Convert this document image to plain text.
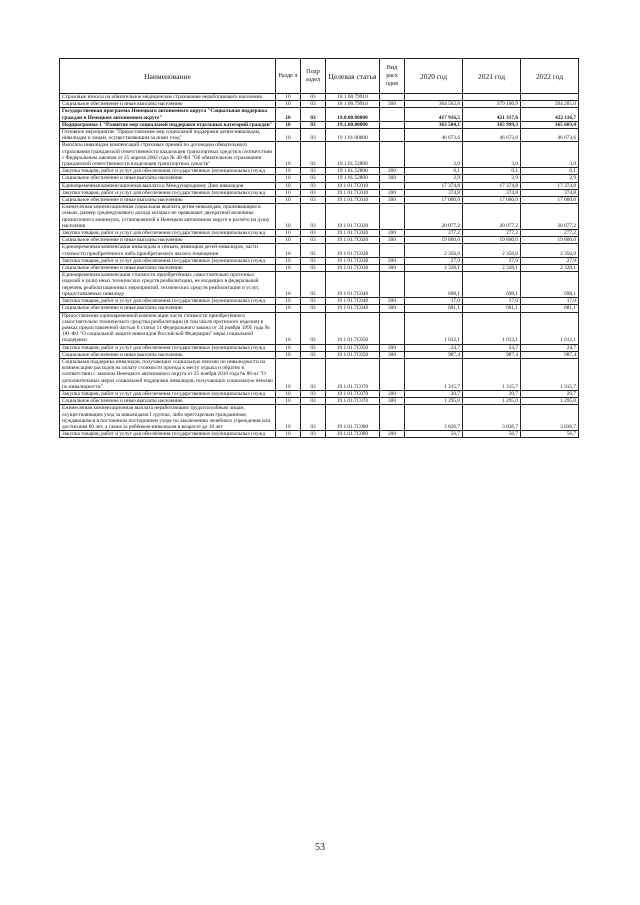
Наименование	Разде л	Подр аздел	Целевая статья	Вид расх одов	2020 год	2021 год	2022 год
Страховые взносы на обязательное медицинское страхование неработающего населения	10	03	18 1 00.79910				
Социальное обеспечение и иные выплаты населению	10	03	18 1 00.79910	300	364 562,8	379 106,9	394 285,0
Государственная программа Ненецкого автономного округа "Социальная поддержка граждан в Ненецком автономном округе"	10	03	19.0.00.00000		417 916,5	421 317,6	422 116,7
Подпрограмма 1 "Развитие мер социальной поддержки отдельных категорий граждан"	10	03	19.1.00.00000		363 504,1	365 999,3	365 603,4
Основное мероприятие "Предоставление мер социальной поддержки детям-инвалидам, инвалидам и лицам, осуществляющим за ними уход"	10	03	19 1 01.00000		46 673,6	46 673,6	46 673,6
Выплаты инвалидам компенсаций страховых премий по договорам обязательного страхования гражданской ответственности владельцев транспортных средств в соответствии с Федеральным законом от 25 апреля 2002 года № 40-ФЗ "Об обязательном страховании гражданской ответственности владельцев транспортных средств"	10	03	19.1.01.52800		3,0	3,0	3,0
Закупка товаров, работ и услуг для обеспечения государственных (муниципальных) нужд	10	03	19 1 01.52800	200	0,1	0,1	0,1
Социальное обеспечение и иные выплаты населению	10	03	19 1 01.52800	300	2,9	2,9	2,9
Единовременная компенсационная выплата к Международному Дню инвалидов	10	03	19 1 01.7С010		17 374,8	17 374,8	17 374,8
Закупка товаров, работ и услуг для обеспечения государственных (муниципальных) нужд	10	03	19 1 01.7С010	200	374,8	374,8	374,8
Социальное обеспечение и иные выплаты населению	10	03	19 1 01.7С010	300	17 000,0	17 000,0	17 000,0
Ежемесячная компенсационная социальная выплата детям-инвалидам, проживающим в семьях, размер среднедушевого дохода которых не превышает двукратной величины прожиточного минимума, установленной в Ненецком автономном округе в расчёте на душу населения	10	03	19 1 01.7С020		20 077,2	20 077,2	20 077,2
Закупка товаров, работ и услуг для обеспечения государственных (муниципальных) нужд	10	03	19 1 01.7С020	200	277,2	277,2	277,2
Социальное обеспечение и иные выплаты населению	10	03	19 1 01.7С020	300	19 800,0	19 800,0	19 800,0
Единовременная компенсация инвалидам и семьям, имеющим детей-инвалидов, части стоимости приобретённого либо приобретаемого жилого помещения	10	03	19 1 01.7С030		2 356,0	2 356,0	2 356,0
Закупка товаров, работ и услуг для обеспечения государственных (муниципальных) нужд	10	03	19 1 01.7С030	200	27,9	27,9	27,9
Социальное обеспечение и иные выплаты населению	10	03	19 1 01.7С030	300	2 328,1	2 328,1	2 328,1
Единовременная компенсация стоимости приобретённых самостоятельно протезных изделий и (или) иных технических средств реабилитации, не входящих в федеральный перечень реабилитационных мероприятий, технических средств реабилитации и услуг, предоставляемых инвалиду	10	03	19 1 01.7С040		698,1	698,1	698,1
Закупка товаров, работ и услуг для обеспечения государственных (муниципальных) нужд	10	03	19 1 01.7С040	200	17,0	17,0	17,0
Социальное обеспечение и иные выплаты населению	10	03	19 1 01.7С040	300	681,1	681,1	681,1
Предоставление единовременной компенсации части стоимости приобретённого самостоятельно технического средства реабилитации (в том числе протезного изделия) в рамках предоставленной частью 6 статьи 11 Федерального закона от 24 ноября 1995 года № 181-ФЗ "О социальной защите инвалидов Российской Федерации" меры социальной поддержки	10	03	19 1 01.7С050		1 012,1	1 012,1	1 012,1
Закупка товаров, работ и услуг для обеспечения государственных (муниципальных) нужд	10	03	19 1 01.7С050	200	24,7	24,7	24,7
Социальное обеспечение и иные выплаты населению	10	03	19 1 01.7С050	300	987,4	987,4	987,4
Социальная поддержка инвалидов, получающих социальную пенсию по инвалидности на компенсацию расходов на оплату стоимости проезда к месту отдыха и обратно в соответствии с законом Ненецкого автономного округа от 25 ноября 2010 года № 86-оз "О дополнительных мерах социальной поддержки инвалидов, получающих социальную пенсию по инвалидности"	10	03	19.1.01.7С070		1 315,7	1 315,7	1 315,7
Закупка товаров, работ и услуг для обеспечения государственных (муниципальных) нужд	10	03	19 1 01.7С070	200	20,7	20,7	20,7
Социальное обеспечение и иные выплаты населению	10	03	19 1 01.7С070	300	1 295,0	1 295,0	1 295,0
Ежемесячная компенсационная выплата неработающим трудоспособным лицам, осуществляющим уход за инвалидами I группы, либо престарелым гражданином, нуждающимся в постоянном постороннем уходе по заключению лечебного учреждения или достигшим 80 лет, а также за ребёнком-инвалидом в возрасте до 18 лет	10	03	19 1 01.7С080		3 836,7	3 836,7	3 836,7
Закупка товаров, работ и услуг для обеспечения государственных (муниципальных) нужд	10	03	19.1.01.7С080	200	56,7	56,7	56,7
53
